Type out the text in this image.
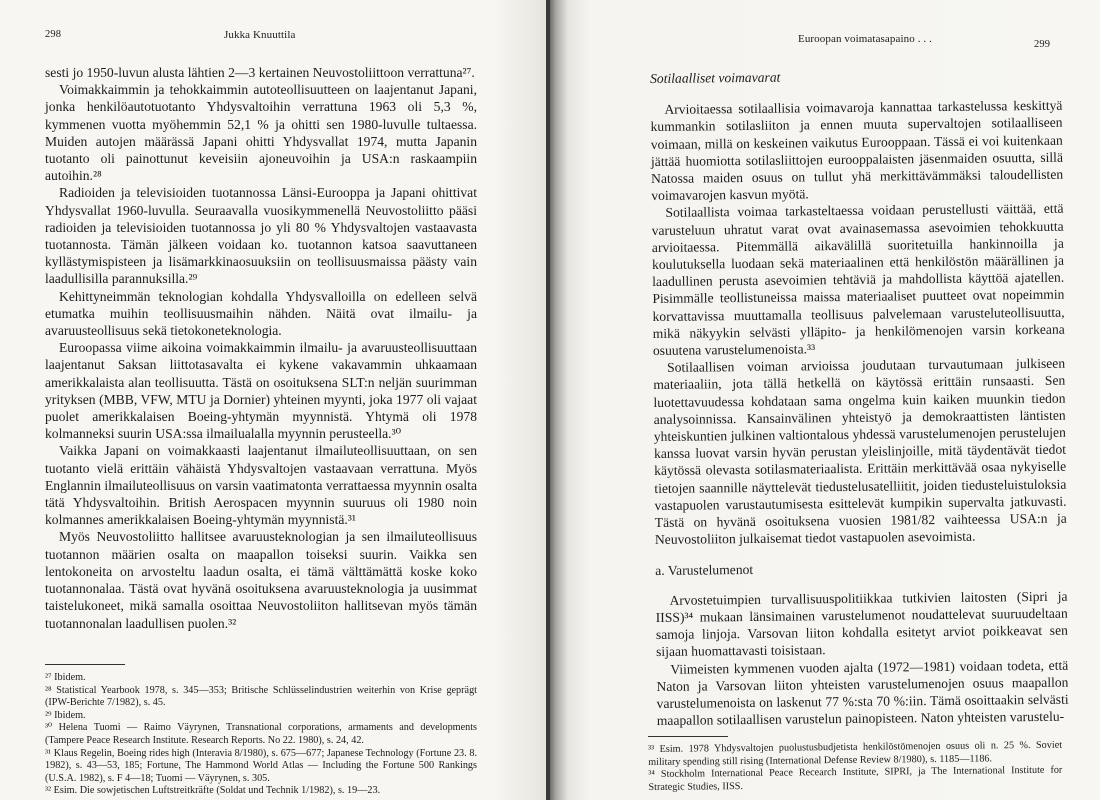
298	Jukka Knuuttila

sesti jo 1950-luvun alusta lähtien 2—3 kertainen Neuvostoliittoon verrattuna²⁷.

Voimakkaimmin ja tehokkaimmin autoteollisuutteen on laajentanut Japani, jonka henkilöautotuotanto Yhdysvaltoihin verrattuna 1963 oli 5,3 %, kymmenen vuotta myöhemmin 52,1 % ja ohitti sen 1980-luvulle tultaessa. Muiden autojen määrässä Japani ohitti Yhdysvallat 1974, mutta Japanin tuotanto oli painottunut keveisiin ajoneuvoihin ja USA:n raskaampiin autoihin.²⁸

Radioiden ja televisioiden tuotannossa Länsi-Eurooppa ja Japani ohittivat Yhdysvallat 1960-luvulla. Seuraavalla vuosikymmenellä Neuvostoliitto pääsi radioiden ja televisioiden tuotannossa jo yli 80 % Yhdysvaltojen vastaavasta tuotannosta. Tämän jälkeen voidaan ko. tuotannon katsoa saavuttaneen kyllästymispisteen ja lisämarkkinaosuuksiin on teollisuusmaissa päästy vain laadullisilla parannuksilla.²⁹

Kehittyneimmän teknologian kohdalla Yhdysvalloilla on edelleen selvä etumatka muihin teollisuusmaihin nähden. Näitä ovat ilmailu- ja avaruusteollisuus sekä tietokoneteknologia.

Euroopassa viime aikoina voimakkaimmin ilmailu- ja avaruusteollisuuttaan laajentanut Saksan liittotasavalta ei kykene vakavammin uhkaamaan amerikkalaista alan teollisuutta. Tästä on osoituksena SLT:n neljän suurimman yrityksen (MBB, VFW, MTU ja Dornier) yhteinen myynti, joka 1977 oli vajaat puolet amerikkalaisen Boeing-yhtymän myynnistä. Yhtymä oli 1978 kolmanneksi suurin USA:ssa ilmailualalla myynnin perusteella.³⁰

Vaikka Japani on voimakkaasti laajentanut ilmailuteollisuuttaan, on sen tuotanto vielä erittäin vähäistä Yhdysvaltojen vastaavaan verrattuna. Myös Englannin ilmailuteollisuus on varsin vaatimatonta verrattaessa myynnin osalta tätä Yhdysvaltoihin. British Aerospacen myynnin suuruus oli 1980 noin kolmannes amerikkalaisen Boeing-yhtymän myynnistä.³¹

Myös Neuvostoliitto hallitsee avaruusteknologian ja sen ilmailuteollisuus tuotannon määrien osalta on maapallon toiseksi suurin. Vaikka sen lentokoneita on arvosteltu laadun osalta, ei tämä välttämättä koske koko tuotannonalaa. Tästä ovat hyvänä osoituksena avaruusteknologia ja uusimmat taistelukoneet, mikä samalla osoittaa Neuvostoliiton hallitsevan myös tämän tuotannonalan laadullisen puolen.³²

²⁷ Ibidem.

²⁸ Statistical Yearbook 1978, s. 345—353; Britische Schlüsselindustrien weiterhin von Krise geprägt (IPW-Berichte 7/1982), s. 45.

²⁹ Ibidem.

³⁰ Helena Tuomi — Raimo Väyrynen, Transnational corporations, armaments and developments (Tampere Peace Research Institute. Research Reports. No 22. 1980), s. 24, 42.

³¹ Klaus Regelin, Boeing rides high (Interavia 8/1980), s. 675—677; Japanese Technology (Fortune 23. 8. 1982), s. 43—53, 185; Fortune, The Hammond World Atlas — Including the Fortune 500 Rankings (U.S.A. 1982), s. F 4—18; Tuomi — Väyrynen, s. 305.

³² Esim. Die sowjetischen Luftstreitkräfte (Soldat und Technik 1/1982), s. 19—23.

Euroopan voimatasapaino . . .	299

Sotilaalliset voimavarat

Arvioitaessa sotilaallisia voimavaroja kannattaa tarkastelussa keskittyä kummankin sotilasliiton ja ennen muuta supervaltojen sotilaalliseen voimaan, millä on keskeinen vaikutus Eurooppaan. Tässä ei voi kuitenkaan jättää huomiotta sotilasliittojen eurooppalaisten jäsenmaiden osuutta, sillä Natossa maiden osuus on tullut yhä merkittävämmäksi taloudellisten voimavarojen kasvun myötä.

Sotilaallista voimaa tarkasteltaessa voidaan perustellusti väittää, että varusteluun uhratut varat ovat avainasemassa asevoimien tehokkuutta arvioitaessa. Pitemmällä aikavälillä suoritetuilla hankinnoilla ja koulutuksella luodaan sekä materiaalinen että henkilöstön määrällinen ja laadullinen perusta asevoimien tehtäviä ja mahdollista käyttöä ajatellen. Pisimmälle teollistuneissa maissa materiaaliset puutteet ovat nopeimmin korvattavissa muuttamalla teollisuus palvelemaan varusteluteollisuutta, mikä näkyykin selvästi ylläpito- ja henkilömenojen varsin korkeana osuutena varustelumenoista.³³

Sotilaallisen voiman arvioissa joudutaan turvautumaan julkiseen materiaaliin, jota tällä hetkellä on käytössä erittäin runsaasti. Sen luotettavuudessa kohdataan sama ongelma kuin kaiken muunkin tiedon analysoinnissa. Kansainvälinen yhteistyö ja demokraattisten läntisten yhteiskuntien julkinen valtiontalous yhdessä varustelumenojen perustelujen kanssa luovat varsin hyvän perustan yleislinjoille, mitä täydentävät tiedot käytössä olevasta sotilasmateriaalista. Erittäin merkittävää osaa nykyiselle tietojen saannille näyttelevät tiedustelusatelliitit, joiden tiedusteluistuloksia vastapuolen varustautumisesta esittelevät kumpikin supervalta jatkuvasti. Tästä on hyvänä osoituksena vuosien 1981/82 vaihteessa USA:n ja Neuvostoliiton julkaisemat tiedot vastapuolen asevoimista.

a. Varustelumenot

Arvostetuimpien turvallisuuspolitiikkaa tutkivien laitosten (Sipri ja IISS)³⁴ mukaan länsimainen varustelumenot noudattelevat suuruudeltaan samoja linjoja. Varsovan liiton kohdalla esitetyt arviot poikkeavat sen sijaan huomattavasti toisistaan.

Viimeisten kymmenen vuoden ajalta (1972—1981) voidaan todeta, että Naton ja Varsovan liiton yhteisten varustelumenojen osuus maapallon varustelumenoista on laskenut 77 %:sta 70 %:iin. Tämä osoittaakin selvästi maapallon sotilaallisen varustelun painopisteen. Naton yhteisten varustelu-

³³ Esim. 1978 Yhdysvaltojen puolustusbudjetista henkilöstömenojen osuus oli n. 25 %. Soviet military spending still rising (International Defense Review 8/1980), s. 1185—1186.

³⁴ Stockholm International Peace Recearch Institute, SIPRI, ja The International Institute for Strategic Studies, IISS.
